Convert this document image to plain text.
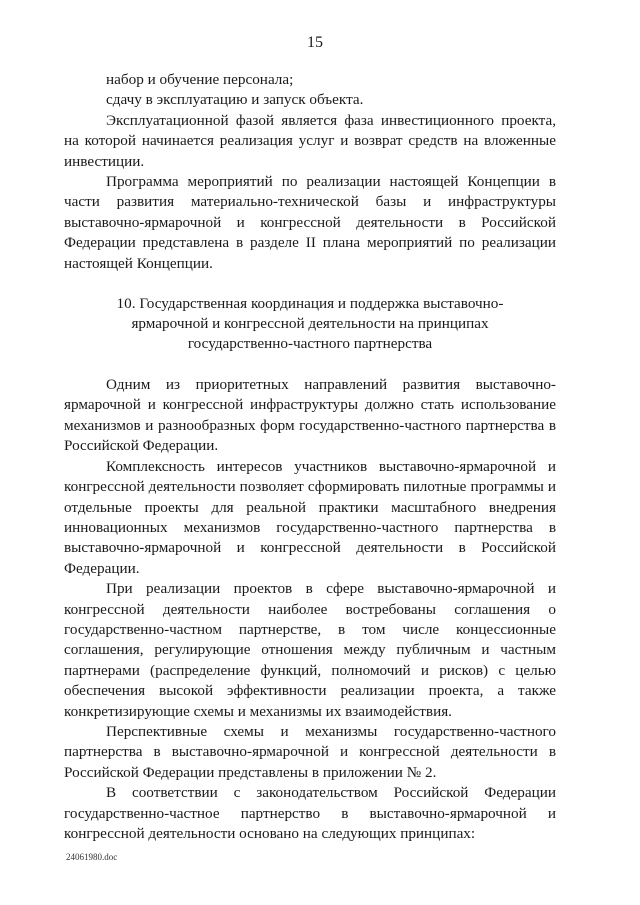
15

набор и обучение персонала;

сдачу в эксплуатацию и запуск объекта.

Эксплуатационной фазой является фаза инвестиционного проекта, на которой начинается реализация услуг и возврат средств на вложенные инвестиции.

Программа мероприятий по реализации настоящей Концепции в части развития материально-технической базы и инфраструктуры выставочно-ярмарочной и конгрессной деятельности в Российской Федерации представлена в разделе II плана мероприятий по реализации настоящей Концепции.

10. Государственная координация и поддержка выставочно-
ярмарочной и конгрессной деятельности на принципах
государственно-частного партнерства

Одним из приоритетных направлений развития выставочно-ярмарочной и конгрессной инфраструктуры должно стать использование механизмов и разнообразных форм государственно-частного партнерства в Российской Федерации.

Комплексность интересов участников выставочно-ярмарочной и конгрессной деятельности позволяет сформировать пилотные программы и отдельные проекты для реальной практики масштабного внедрения инновационных механизмов государственно-частного партнерства в выставочно-ярмарочной и конгрессной деятельности в Российской Федерации.

При реализации проектов в сфере выставочно-ярмарочной и конгрессной деятельности наиболее востребованы соглашения о государственно-частном партнерстве, в том числе концессионные соглашения, регулирующие отношения между публичным и частным партнерами (распределение функций, полномочий и рисков) с целью обеспечения высокой эффективности реализации проекта, а также конкретизирующие схемы и механизмы их взаимодействия.

Перспективные схемы и механизмы государственно-частного партнерства в выставочно-ярмарочной и конгрессной деятельности в Российской Федерации представлены в приложении № 2.

В соответствии с законодательством Российской Федерации государственно-частное партнерство в выставочно-ярмарочной и конгрессной деятельности основано на следующих принципах:

24061980.doc
